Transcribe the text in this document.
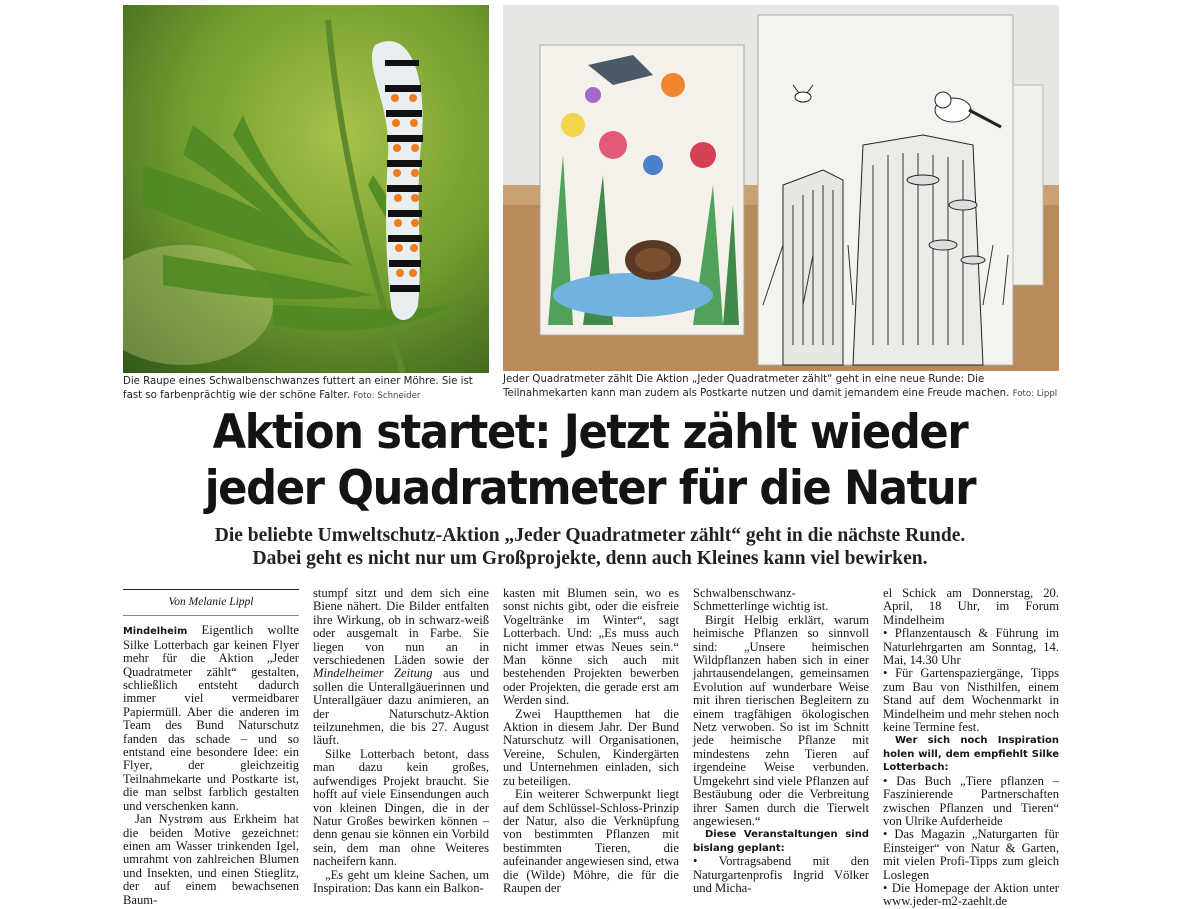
Die Raupe eines Schwalbenschwanzes futtert an einer Möhre. Sie ist fast so farbenprächtig wie der schöne Falter. Foto: Schneider
Jeder Quadratmeter zählt Die Aktion „Jeder Quadratmeter zählt“ geht in eine neue Runde: Die Teilnahmekarten kann man zudem als Postkarte nutzen und damit jemandem eine Freude machen. Foto: Lippl
Aktion startet: Jetzt zählt wieder
jeder Quadratmeter für die Natur
Die beliebte Umweltschutz-Aktion „Jeder Quadratmeter zählt“ geht in die nächste Runde.
Dabei geht es nicht nur um Großprojekte, denn auch Kleines kann viel bewirken.
Von Melanie Lippl

Mindelheim Eigentlich wollte Silke Lotterbach gar keinen Flyer mehr für die Aktion „Jeder Quadratmeter zählt“ gestalten, schließlich entsteht dadurch immer viel vermeidbarer Papiermüll. Aber die anderen im Team des Bund Naturschutz fanden das schade – und so entstand eine besondere Idee: ein Flyer, der gleichzeitig Teilnahmekarte und Postkarte ist, die man selbst farblich gestalten und verschenken kann.

Jan Nystrøm aus Erkheim hat die beiden Motive gezeichnet: einen am Wasser trinkenden Igel, umrahmt von zahlreichen Blumen und Insekten, und einen Stieglitz, der auf einem bewachsenen Baum-

stumpf sitzt und dem sich eine Biene nähert. Die Bilder entfalten ihre Wirkung, ob in schwarz-weiß oder ausgemalt in Farbe. Sie liegen von nun an in verschiedenen Läden sowie der Mindelheimer Zeitung aus und sollen die Unterallgäuerinnen und Unterallgäuer dazu animieren, an der Naturschutz-Aktion teilzunehmen, die bis 27. August läuft.

Silke Lotterbach betont, dass man dazu kein großes, aufwendiges Projekt braucht. Sie hofft auf viele Einsendungen auch von kleinen Dingen, die in der Natur Großes bewirken können – denn genau sie können ein Vorbild sein, dem man ohne Weiteres nacheifern kann.

„Es geht um kleine Sachen, um Inspiration: Das kann ein Balkon-

kasten mit Blumen sein, wo es sonst nichts gibt, oder die eisfreie Vogeltränke im Winter“, sagt Lotterbach. Und: „Es muss auch nicht immer etwas Neues sein.“ Man könne sich auch mit bestehenden Projekten bewerben oder Projekten, die gerade erst am Werden sind.

Zwei Hauptthemen hat die Aktion in diesem Jahr. Der Bund Naturschutz will Organisationen, Vereine, Schulen, Kindergärten und Unternehmen einladen, sich zu beteiligen.

Ein weiterer Schwerpunkt liegt auf dem Schlüssel-Schloss-Prinzip der Natur, also die Verknüpfung von bestimmten Pflanzen mit bestimmten Tieren, die aufeinander angewiesen sind, etwa die (Wilde) Möhre, die für die Raupen der

Schwalbenschwanz-Schmetterlinge wichtig ist.

Birgit Helbig erklärt, warum heimische Pflanzen so sinnvoll sind: „Unsere heimischen Wildpflanzen haben sich in einer jahrtausendelangen, gemeinsamen Evolution auf wunderbare Weise mit ihren tierischen Begleitern zu einem tragfähigen ökologischen Netz verwoben. So ist im Schnitt jede heimische Pflanze mit mindestens zehn Tieren auf irgendeine Weise verbunden. Umgekehrt sind viele Pflanzen auf Bestäubung oder die Verbreitung ihrer Samen durch die Tierwelt angewiesen.“

Diese Veranstaltungen sind bislang geplant:

• Vortragsabend mit den Naturgartenprofis Ingrid Völker und Micha-

el Schick am Donnerstag, 20. April, 18 Uhr, im Forum Mindelheim

• Pflanzentausch & Führung im Naturlehrgarten am Sonntag, 14. Mai, 14.30 Uhr

• Für Gartenspaziergänge, Tipps zum Bau von Nisthilfen, einem Stand auf dem Wochenmarkt in Mindelheim und mehr stehen noch keine Termine fest.

Wer sich noch Inspiration holen will, dem empfiehlt Silke Lotterbach:

• Das Buch „Tiere pflanzen – Faszinierende Partnerschaften zwischen Pflanzen und Tieren“ von Ulrike Aufderheide

• Das Magazin „Naturgarten für Einsteiger“ von Natur & Garten, mit vielen Profi-Tipps zum gleich Loslegen

• Die Homepage der Aktion unter www.jeder-m2-zaehlt.de
